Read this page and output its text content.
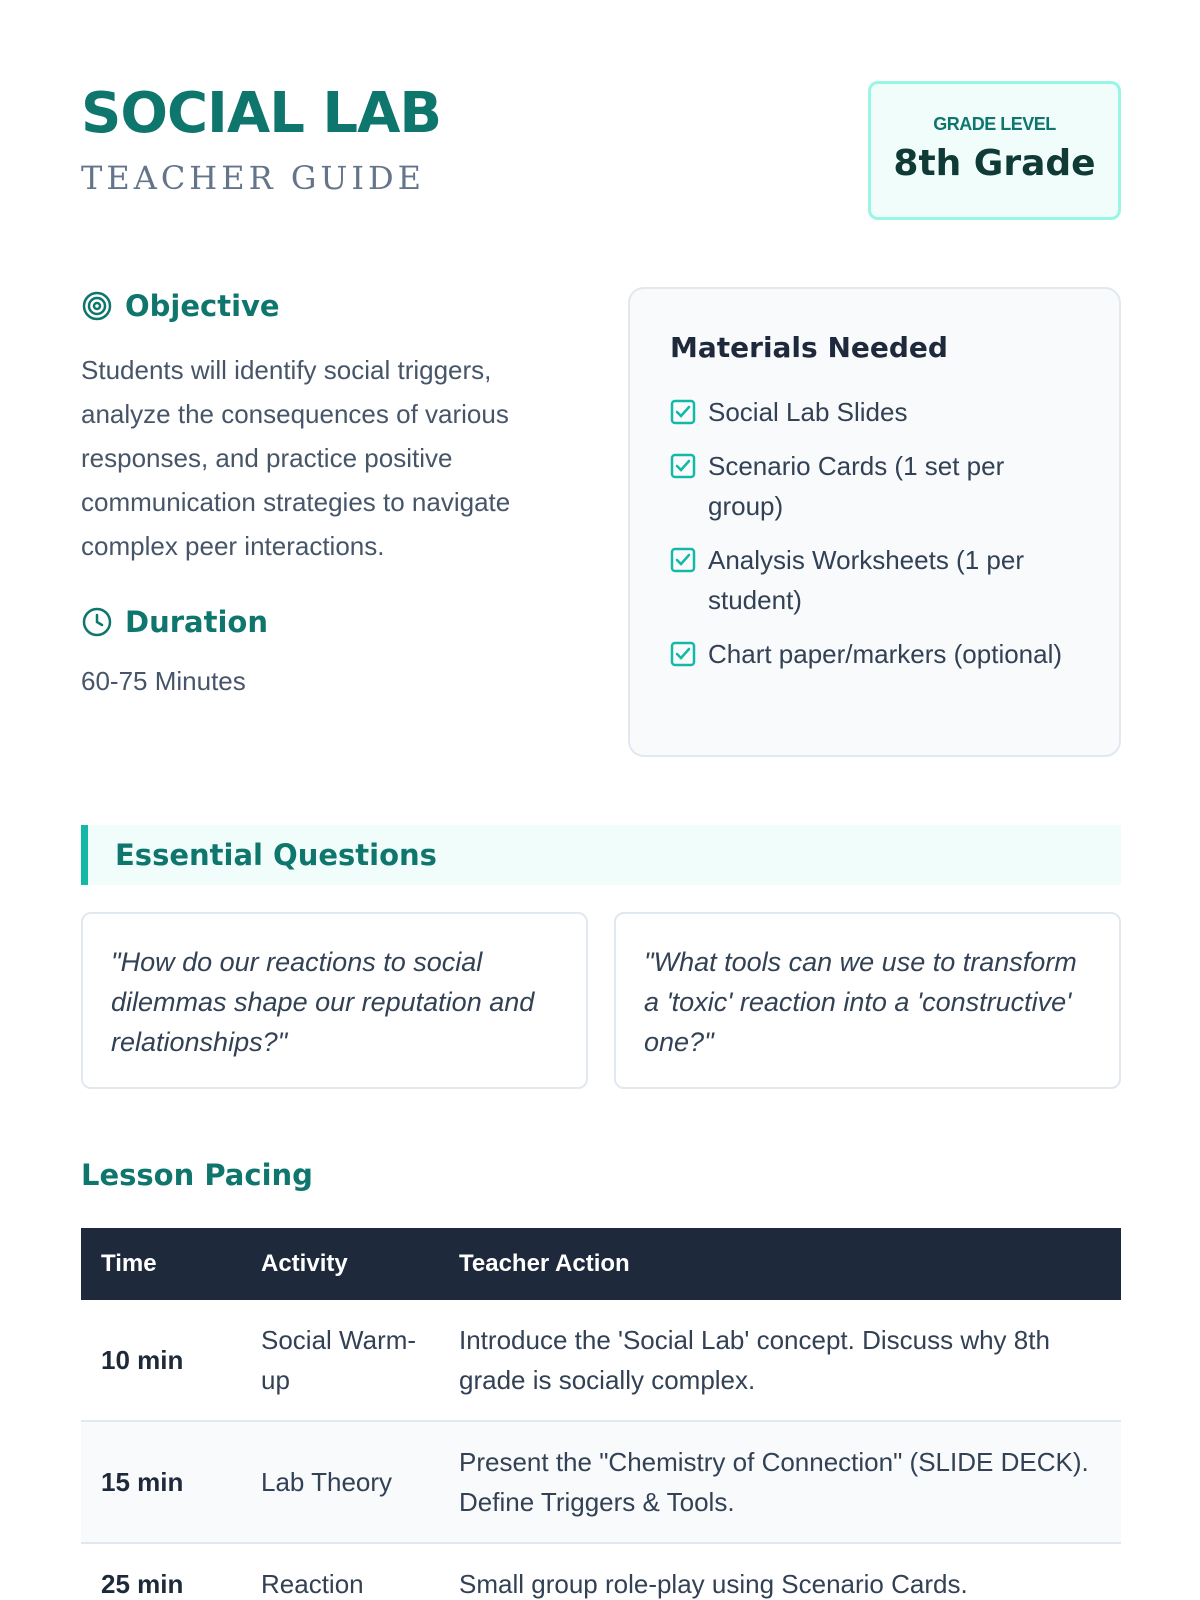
SOCIAL LAB
TEACHER GUIDE
GRADE LEVEL
8th Grade
Objective
Students will identify social triggers, analyze the consequences of various responses, and practice positive communication strategies to navigate complex peer interactions.
Duration
60-75 Minutes
Materials Needed
Social Lab Slides
Scenario Cards (1 set per group)
Analysis Worksheets (1 per student)
Chart paper/markers (optional)
Essential Questions
"How do our reactions to social dilemmas shape our reputation and relationships?"
"What tools can we use to transform a 'toxic' reaction into a 'constructive' one?"
Lesson Pacing
Time	Activity	Teacher Action
10 min	Social Warm-up	Introduce the 'Social Lab' concept. Discuss why 8th grade is socially complex.
15 min	Lab Theory	Present the "Chemistry of Connection" (SLIDE DECK). Define Triggers & Tools.
25 min	Reaction	Small group role-play using Scenario Cards.
